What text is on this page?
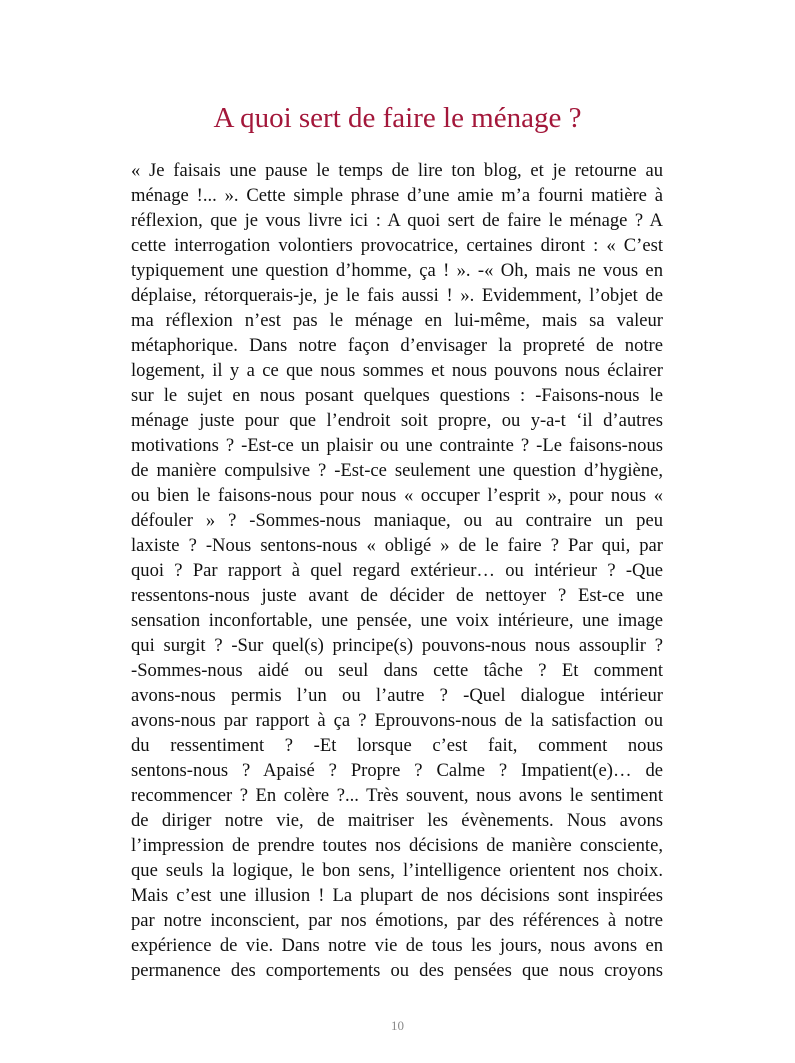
A quoi sert de faire le ménage ?
« Je faisais une pause le temps de lire ton blog, et je retourne au
ménage !... ». Cette simple phrase d’une amie m’a fourni matière à
réflexion, que je vous livre ici : A quoi sert de faire le ménage ? A
cette interrogation volontiers provocatrice, certaines diront : « C’est
typiquement une question d’homme, ça ! ». -« Oh, mais ne vous en
déplaise, rétorquerais-je, je le fais aussi ! ». Evidemment, l’objet de
ma réflexion n’est pas le ménage en lui-même, mais sa valeur
métaphorique. Dans notre façon d’envisager la propreté de notre
logement, il y a ce que nous sommes et nous pouvons nous éclairer
sur le sujet en nous posant quelques questions : -Faisons-nous le
ménage juste pour que l’endroit soit propre, ou y-a-t ‘il d’autres
motivations ? -Est-ce un plaisir ou une contrainte ? -Le faisons-nous
de manière compulsive ? -Est-ce seulement une question d’hygiène,
ou bien le faisons-nous pour nous « occuper l’esprit », pour nous «
défouler » ? -Sommes-nous maniaque, ou au contraire un peu
laxiste ? -Nous sentons-nous « obligé » de le faire ? Par qui, par
quoi ? Par rapport à quel regard extérieur… ou intérieur ? -Que
ressentons-nous juste avant de décider de nettoyer ? Est-ce une
sensation inconfortable, une pensée, une voix intérieure, une image
qui surgit ? -Sur quel(s) principe(s) pouvons-nous nous assouplir ?
-Sommes-nous aidé ou seul dans cette tâche ? Et comment
avons-nous permis l’un ou l’autre ? -Quel dialogue intérieur
avons-nous par rapport à ça ? Eprouvons-nous de la satisfaction ou
du ressentiment ? -Et lorsque c’est fait, comment nous
sentons-nous ? Apaisé ? Propre ? Calme ? Impatient(e)… de
recommencer ? En colère ?... Très souvent, nous avons le sentiment
de diriger notre vie, de maitriser les évènements. Nous avons
l’impression de prendre toutes nos décisions de manière consciente,
que seuls la logique, le bon sens, l’intelligence orientent nos choix.
Mais c’est une illusion ! La plupart de nos décisions sont inspirées
par notre inconscient, par nos émotions, par des références à notre
expérience de vie. Dans notre vie de tous les jours, nous avons en
permanence des comportements ou des pensées que nous croyons
10
